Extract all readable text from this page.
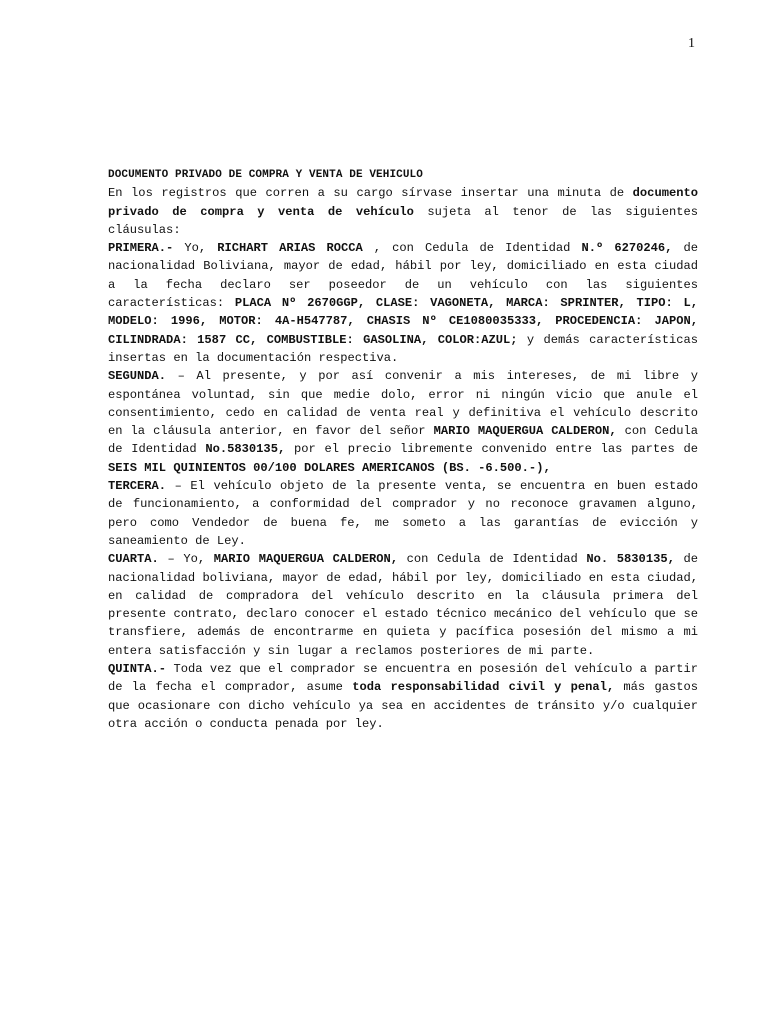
1

DOCUMENTO PRIVADO DE COMPRA Y VENTA DE VEHICULO

En los registros que corren a su cargo sírvase insertar una minuta de documento privado de compra y venta de vehículo sujeta al tenor de las siguientes cláusulas:

PRIMERA.- Yo, RICHART ARIAS ROCCA , con Cedula de Identidad N.º 6270246, de nacionalidad Boliviana, mayor de edad, hábil por ley, domiciliado en esta ciudad a la fecha declaro ser poseedor de un vehículo con las siguientes características: PLACA Nº 2670GGP, CLASE: VAGONETA, MARCA: SPRINTER, TIPO: L, MODELO: 1996, MOTOR: 4A-H547787, CHASIS Nº CE1080035333, PROCEDENCIA: JAPON, CILINDRADA: 1587 CC, COMBUSTIBLE: GASOLINA, COLOR:AZUL; y demás características insertas en la documentación respectiva.

SEGUNDA. – Al presente, y por así convenir a mis intereses, de mi libre y espontánea voluntad, sin que medie dolo, error ni ningún vicio que anule el consentimiento, cedo en calidad de venta real y definitiva el vehículo descrito en la cláusula anterior, en favor del señor MARIO MAQUERGUA CALDERON, con Cedula de Identidad No.5830135, por el precio libremente convenido entre las partes de SEIS MIL QUINIENTOS 00/100 DOLARES AMERICANOS (BS. -6.500.-),

TERCERA. – El vehículo objeto de la presente venta, se encuentra en buen estado de funcionamiento, a conformidad del comprador y no reconoce gravamen alguno, pero como Vendedor de buena fe, me someto a las garantías de evicción y saneamiento de Ley.

CUARTA. – Yo, MARIO MAQUERGUA CALDERON, con Cedula de Identidad No. 5830135, de nacionalidad boliviana, mayor de edad, hábil por ley, domiciliado en esta ciudad, en calidad de compradora del vehículo descrito en la cláusula primera del presente contrato, declaro conocer el estado técnico mecánico del vehículo que se transfiere, además de encontrarme en quieta y pacífica posesión del mismo a mi entera satisfacción y sin lugar a reclamos posteriores de mi parte.

QUINTA.- Toda vez que el comprador se encuentra en posesión del vehículo a partir de la fecha el comprador, asume toda responsabilidad civil y penal, más gastos que ocasionare con dicho vehículo ya sea en accidentes de tránsito y/o cualquier otra acción o conducta penada por ley.
